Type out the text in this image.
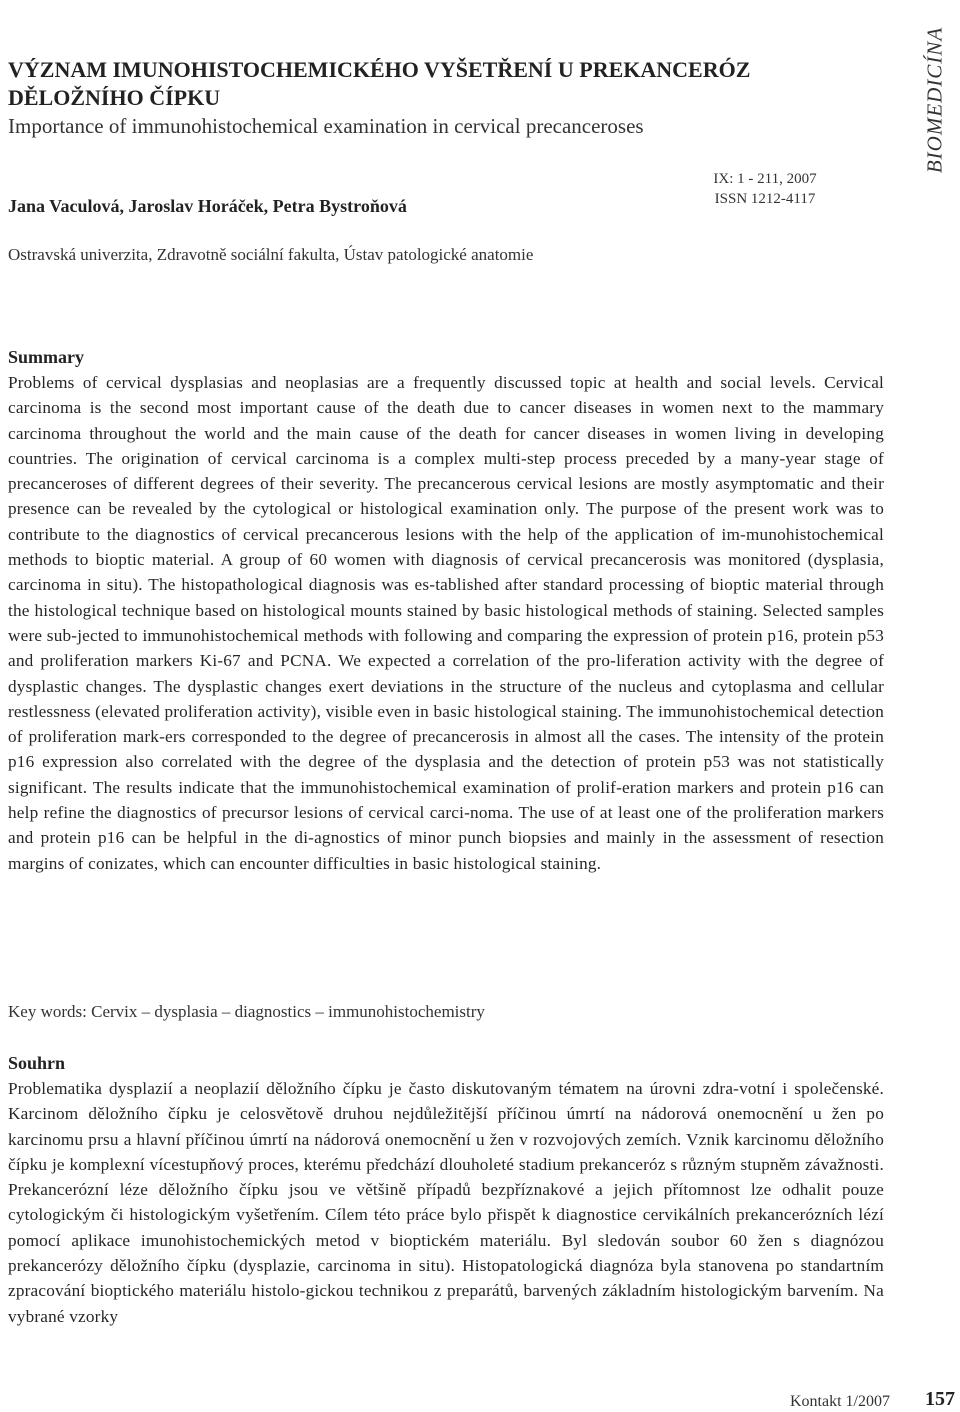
VÝZNAM IMUNOHISTOCHEMICKÉHO VYŠETŘENÍ U PREKANCERÓZ
DĚLOŽNÍHO ČÍPKU
Importance of immunohistochemical examination in cervical precanceroses
Jana Vaculová, Jaroslav Horáček, Petra Bystroňová
IX: 1 - 211, 2007
ISSN 1212-4117
BIOMEDICÍNA
Ostravská univerzita, Zdravotně sociální fakulta, Ústav patologické anatomie
Summary
Problems of cervical dysplasias and neoplasias are a frequently discussed topic at health and social levels. Cervical carcinoma is the second most important cause of the death due to cancer diseases in women next to the mammary carcinoma throughout the world and the main cause of the death for cancer diseases in women living in developing countries. The origination of cervical carcinoma is a complex multi-step process preceded by a many-year stage of precanceroses of different degrees of their severity. The precancerous cervical lesions are mostly asymptomatic and their presence can be revealed by the cytological or histological examination only. The purpose of the present work was to contribute to the diagnostics of cervical precancerous lesions with the help of the application of im-munohistochemical methods to bioptic material. A group of 60 women with diagnosis of cervical precancerosis was monitored (dysplasia, carcinoma in situ). The histopathological diagnosis was es-tablished after standard processing of bioptic material through the histological technique based on histological mounts stained by basic histological methods of staining. Selected samples were sub-jected to immunohistochemical methods with following and comparing the expression of protein p16, protein p53 and proliferation markers Ki-67 and PCNA. We expected a correlation of the pro-liferation activity with the degree of dysplastic changes. The dysplastic changes exert deviations in the structure of the nucleus and cytoplasma and cellular restlessness (elevated proliferation activity), visible even in basic histological staining. The immunohistochemical detection of proliferation mark-ers corresponded to the degree of precancerosis in almost all the cases. The intensity of the protein p16 expression also correlated with the degree of the dysplasia and the detection of protein p53 was not statistically significant. The results indicate that the immunohistochemical examination of prolif-eration markers and protein p16 can help refine the diagnostics of precursor lesions of cervical carci-noma. The use of at least one of the proliferation markers and protein p16 can be helpful in the di-agnostics of minor punch biopsies and mainly in the assessment of resection margins of conizates, which can encounter difficulties in basic histological staining.
Key words: Cervix – dysplasia – diagnostics – immunohistochemistry
Souhrn
Problematika dysplazií a neoplazií děložního čípku je často diskutovaným tématem na úrovni zdra-votní i společenské. Karcinom děložního čípku je celosvětově druhou nejdůležitější příčinou úmrtí na nádorová onemocnění u žen po karcinomu prsu a hlavní příčinou úmrtí na nádorová onemocnění u žen v rozvojových zemích. Vznik karcinomu děložního čípku je komplexní vícestupňový proces, kterému předchází dlouholeté stadium prekanceróz s různým stupněm závažnosti. Prekancerózní léze děložního čípku jsou ve většině případů bezpříznakové a jejich přítomnost lze odhalit pouze cytologickým či histologickým vyšetřením. Cílem této práce bylo přispět k diagnostice cervikálních prekancerózních lézí pomocí aplikace imunohistochemických metod v bioptickém materiálu. Byl sledován soubor 60 žen s diagnózou prekancerózy děložního čípku (dysplazie, carcinoma in situ). Histopatologická diagnóza byla stanovena po standartním zpracování bioptického materiálu histolo-gickou technikou z preparátů, barvených základním histologickým barvením. Na vybrané vzorky
Kontakt 1/2007 157
